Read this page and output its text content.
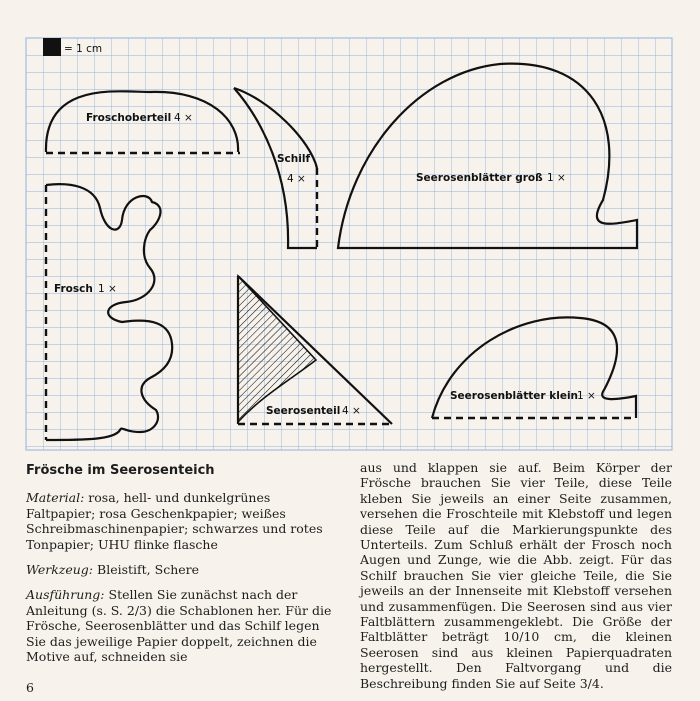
= 1 cm
Froschoberteil 4 ×
Schilf
4 ×	Seerosenblätter groß 1 ×
Frosch 1 ×
Seerosenteil 4 ×
Seerosenblätter klein
1 ×

Frösche im Seerosenteich

Material: rosa, hell- und dunkelgrünes Faltpapier; rosa Geschenkpapier; weißes Schreibmaschinenpapier; schwarzes und rotes Tonpapier; UHU flinke flasche

Werkzeug: Bleistift, Schere

Ausführung: Stellen Sie zunächst nach der Anleitung (s. S. 2/3) die Schablonen her. Für die Frösche, Seerosenblätter und das Schilf legen Sie das jeweilige Papier doppelt, zeichnen die Motive auf, schneiden sie

aus und klappen sie auf. Beim Körper der Frösche brauchen Sie vier Teile, diese Teile kleben Sie jeweils an einer Seite zusammen, versehen die Froschteile mit Klebstoff und legen diese Teile auf die Markierungspunkte des Unterteils. Zum Schluß erhält der Frosch noch Augen und Zunge, wie die Abb. zeigt. Für das Schilf brauchen Sie vier gleiche Teile, die Sie jeweils an der Innenseite mit Klebstoff versehen und zusammenfügen. Die Seerosen sind aus vier Faltblättern zusammengeklebt. Die Größe der Faltblätter beträgt 10/10 cm, die kleinen Seerosen sind aus kleinen Papierquadraten hergestellt. Den Faltvorgang und die Beschreibung finden Sie auf Seite 3/4.

6
